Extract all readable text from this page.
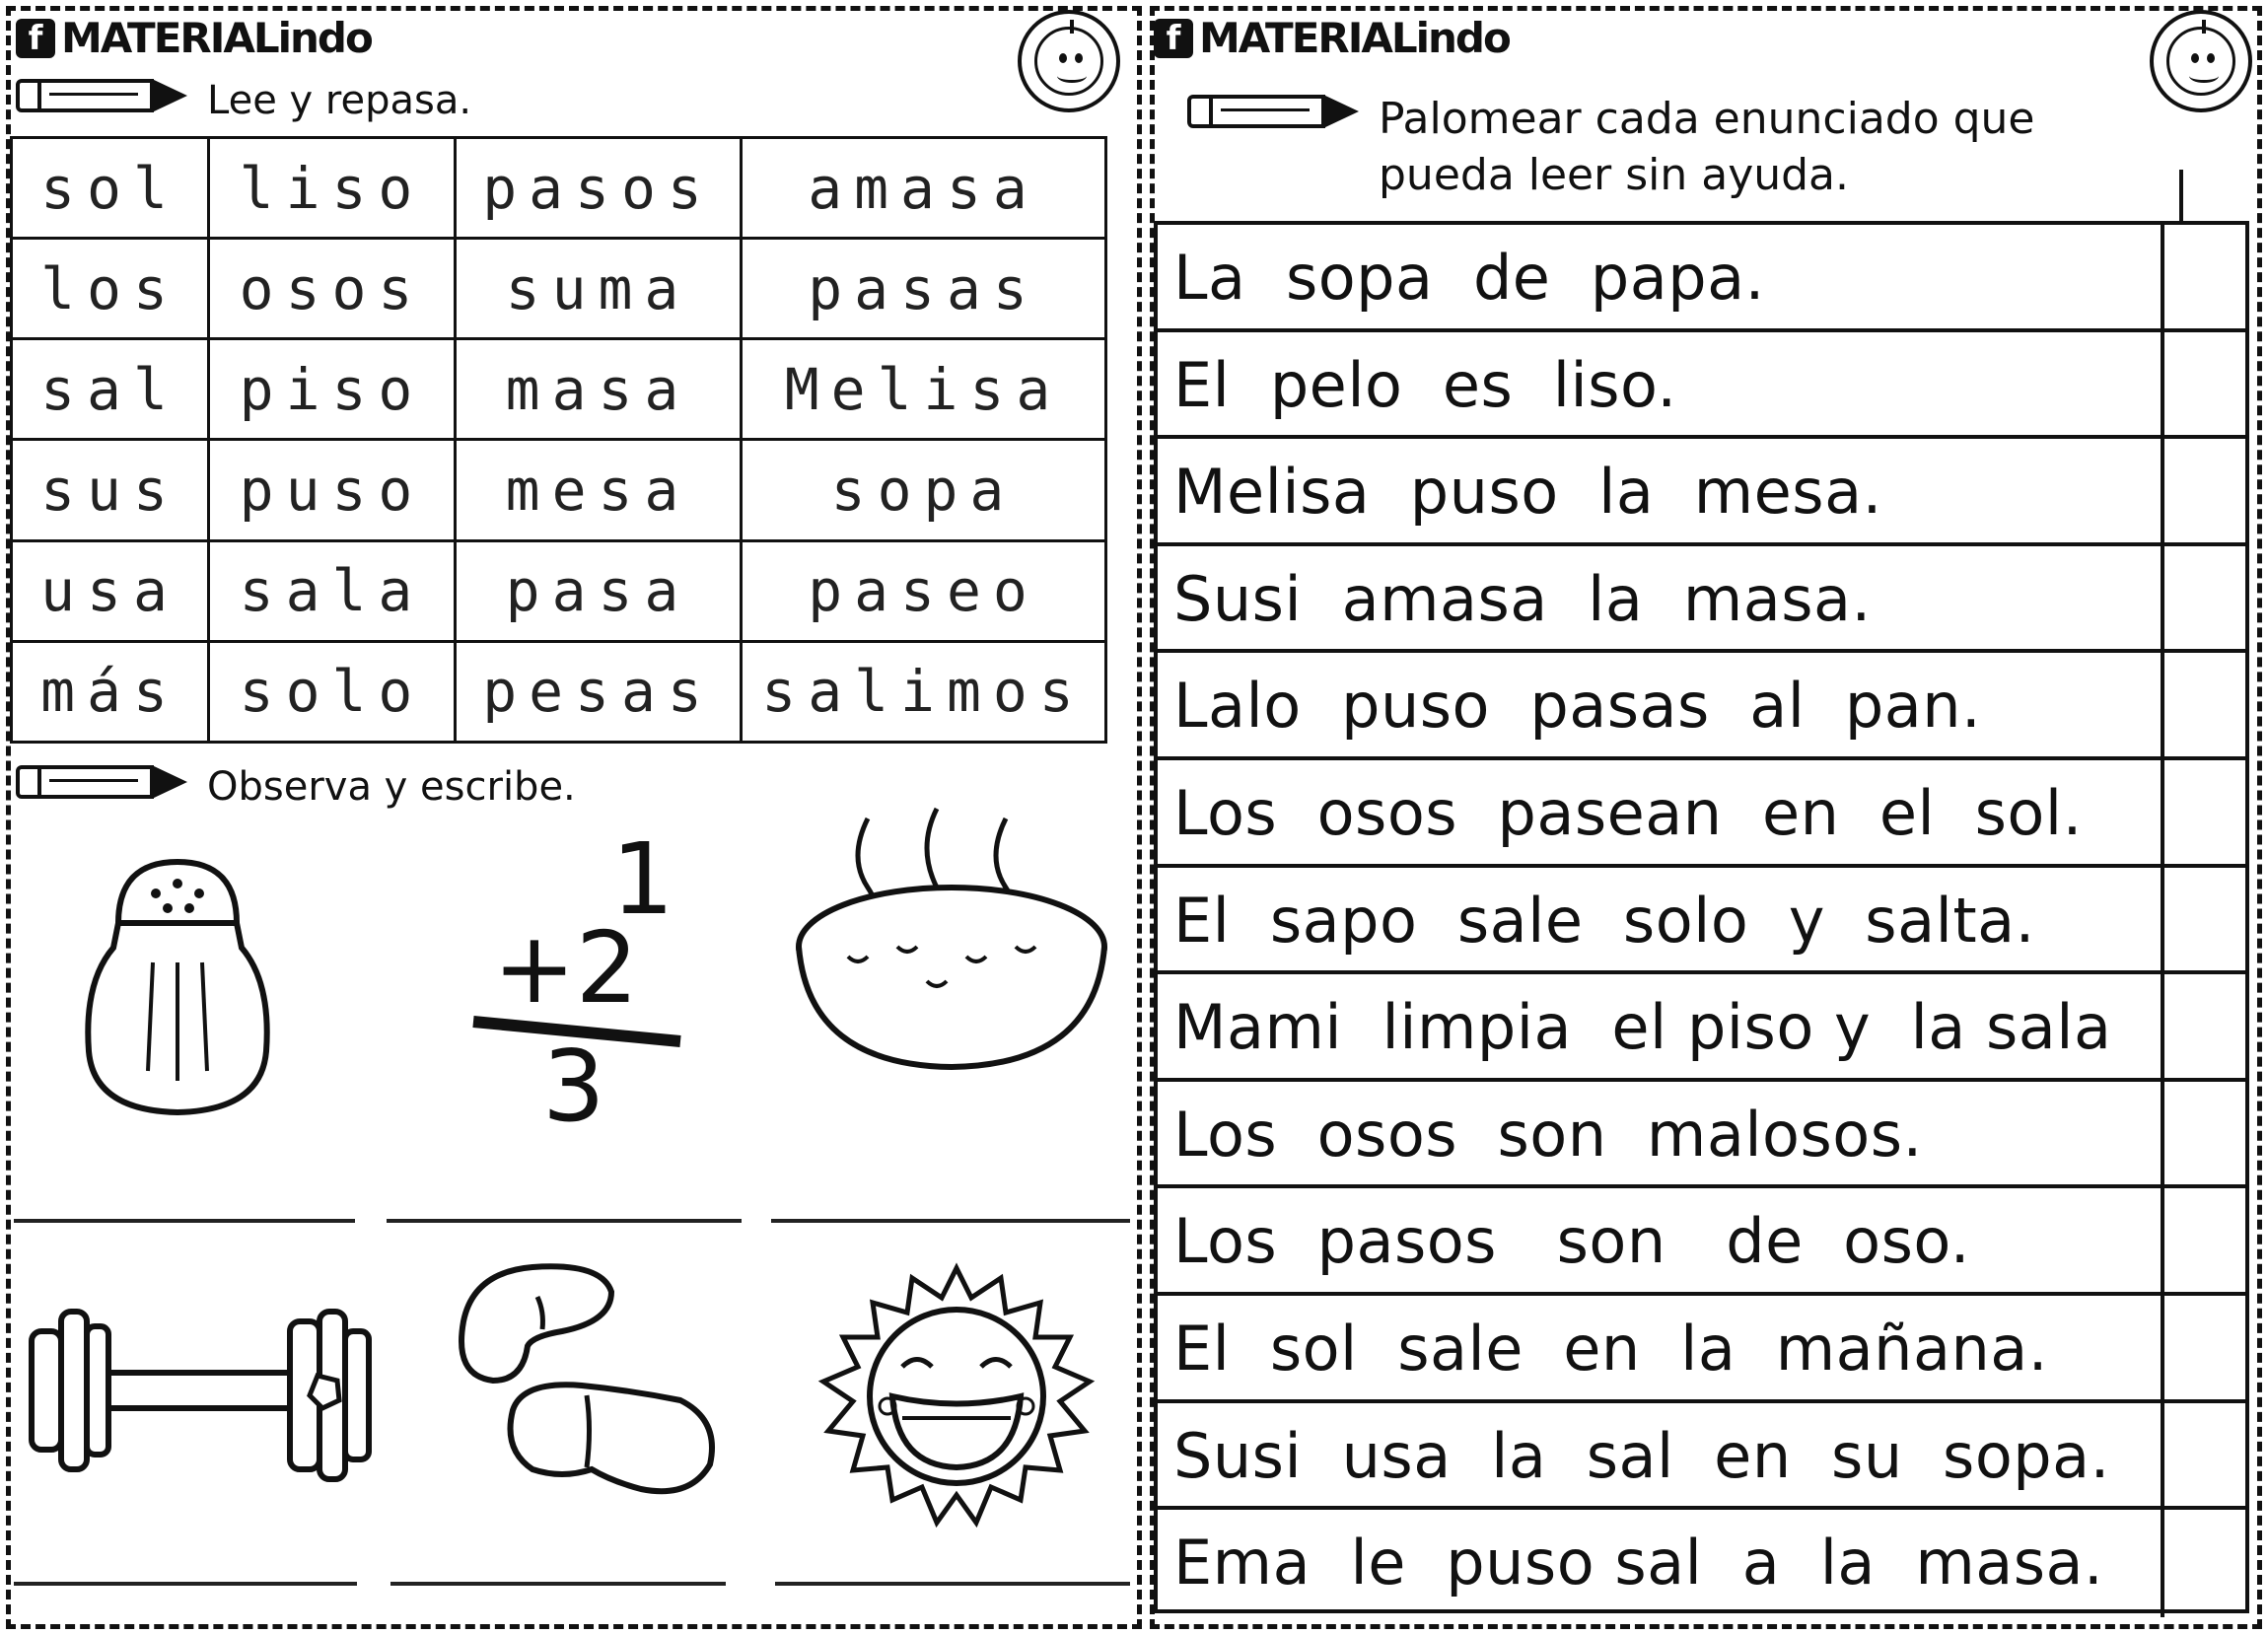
f MATERIALindo
Lee y repasa.
sol	liso	pasos	amasa
los	osos	suma	pasas
sal	piso	masa	Melisa
sus	puso	mesa	sopa
usa	sala	pasa	paseo
más	solo	pesas	salimos
Observa y escribe.
1
+2
3
f MATERIALindo
Palomear cada enunciado que pueda leer sin ayuda.
La  sopa  de  papa.
El  pelo  es  liso.
Melisa  puso  la  mesa.
Susi  amasa  la  masa.
Lalo  puso  pasas  al  pan.
Los  osos  pasean  en  el  sol.
El  sapo  sale  solo  y  salta.
Mami  limpia  el piso y  la sala
Los  osos  son  malosos.
Los  pasos   son   de  oso.
El  sol  sale  en  la  mañana.
Susi  usa  la  sal  en  su  sopa.
Ema  le  puso sal  a  la  masa.
